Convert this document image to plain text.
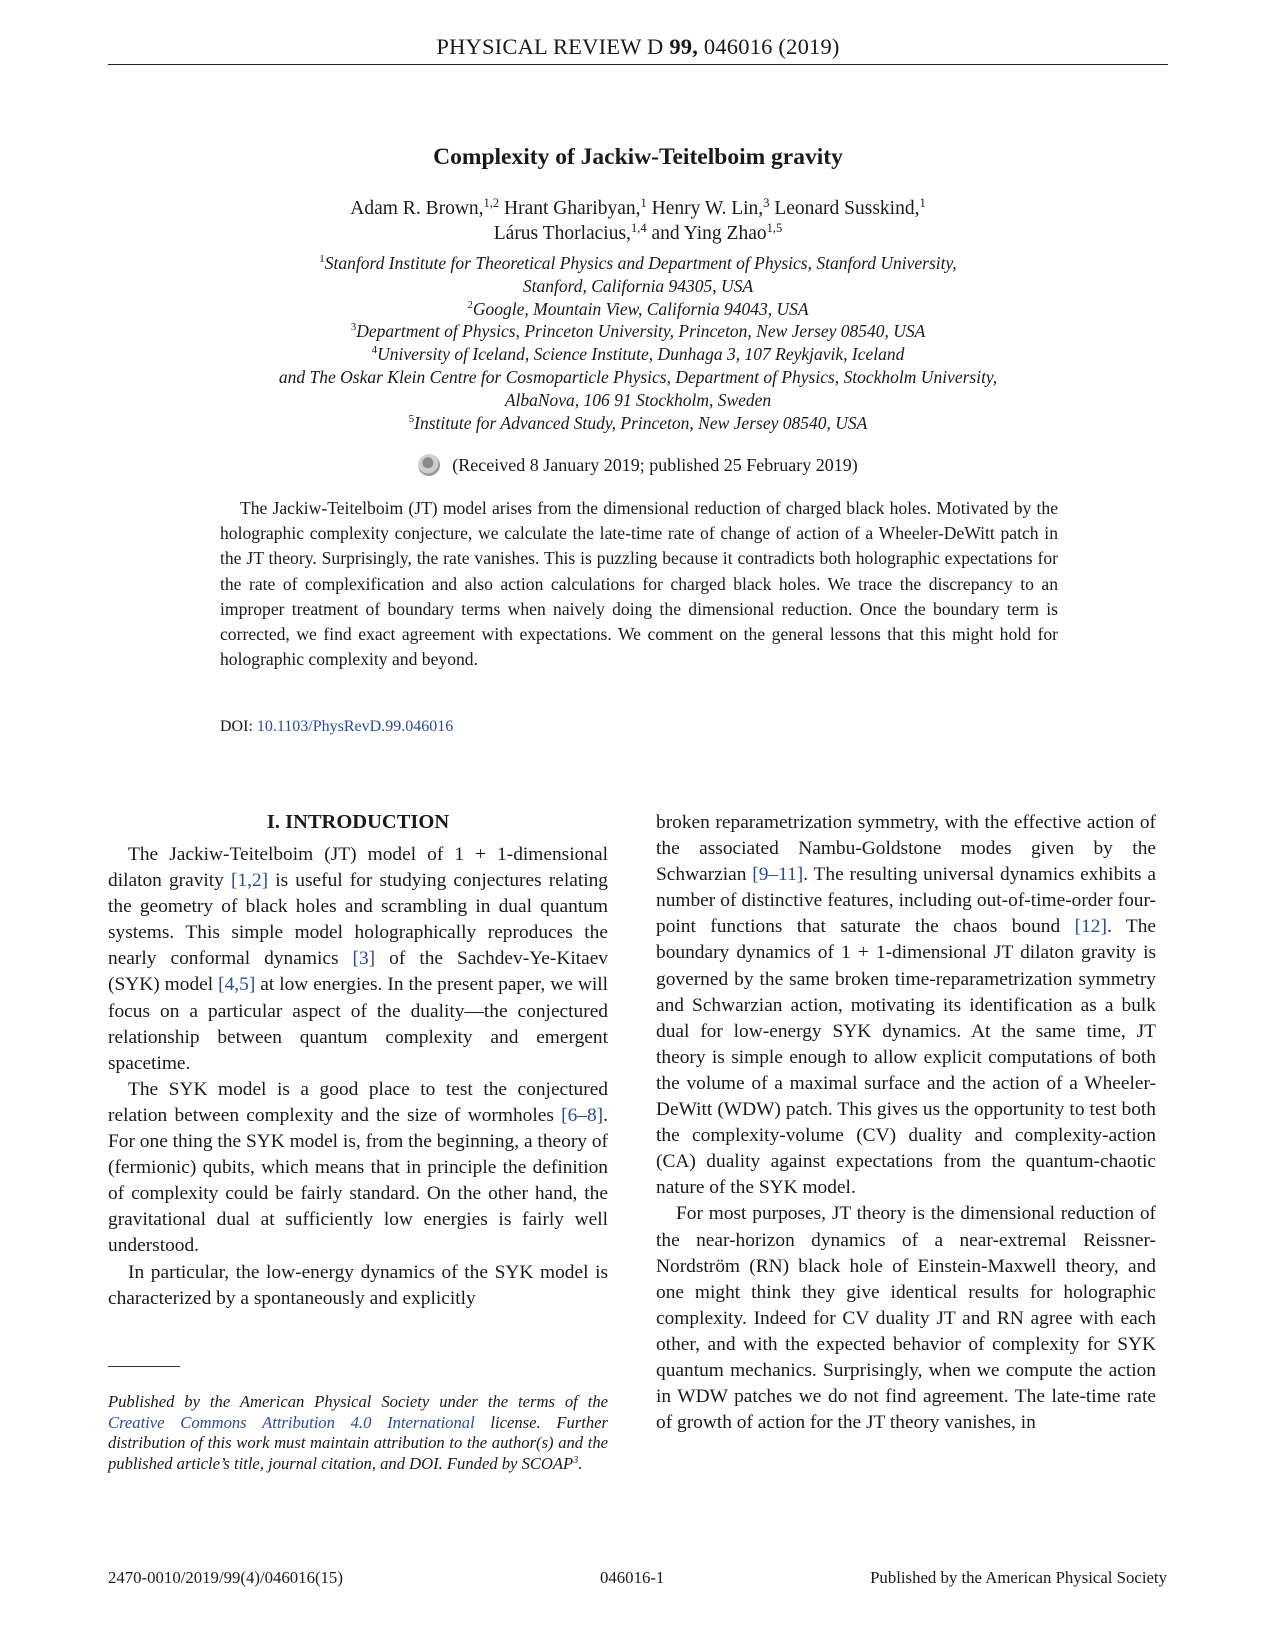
PHYSICAL REVIEW D 99, 046016 (2019)
Complexity of Jackiw-Teitelboim gravity
Adam R. Brown,$^{1,2}$ Hrant Gharibyan,$^1$ Henry W. Lin,$^3$ Leonard Susskind,$^1$
Lárus Thorlacius,$^{1,4}$ and Ying Zhao$^{1,5}$
$^1$Stanford Institute for Theoretical Physics and Department of Physics, Stanford University,
Stanford, California 94305, USA
$^2$Google, Mountain View, California 94043, USA
$^3$Department of Physics, Princeton University, Princeton, New Jersey 08540, USA
$^4$University of Iceland, Science Institute, Dunhaga 3, 107 Reykjavik, Iceland
and The Oskar Klein Centre for Cosmoparticle Physics, Department of Physics, Stockholm University,
AlbaNova, 106 91 Stockholm, Sweden
$^5$Institute for Advanced Study, Princeton, New Jersey 08540, USA
(Received 8 January 2019; published 25 February 2019)
The Jackiw-Teitelboim (JT) model arises from the dimensional reduction of charged black holes. Motivated by the holographic complexity conjecture, we calculate the late-time rate of change of action of a Wheeler-DeWitt patch in the JT theory. Surprisingly, the rate vanishes. This is puzzling because it contradicts both holographic expectations for the rate of complexification and also action calculations for charged black holes. We trace the discrepancy to an improper treatment of boundary terms when naively doing the dimensional reduction. Once the boundary term is corrected, we find exact agreement with expectations. We comment on the general lessons that this might hold for holographic complexity and beyond.
DOI: 10.1103/PhysRevD.99.046016
I. INTRODUCTION

The Jackiw-Teitelboim (JT) model of 1 + 1-dimensional dilaton gravity [1,2] is useful for studying conjectures relating the geometry of black holes and scrambling in dual quantum systems. This simple model holographically reproduces the nearly conformal dynamics [3] of the Sachdev-Ye-Kitaev (SYK) model [4,5] at low energies. In the present paper, we will focus on a particular aspect of the duality—the conjectured relationship between quantum complexity and emergent spacetime.

The SYK model is a good place to test the conjectured relation between complexity and the size of wormholes [6–8]. For one thing the SYK model is, from the beginning, a theory of (fermionic) qubits, which means that in principle the definition of complexity could be fairly standard. On the other hand, the gravitational dual at sufficiently low energies is fairly well understood.

In particular, the low-energy dynamics of the SYK model is characterized by a spontaneously and explicitly

broken reparametrization symmetry, with the effective action of the associated Nambu-Goldstone modes given by the Schwarzian [9–11]. The resulting universal dynamics exhibits a number of distinctive features, including out-of-time-order four-point functions that saturate the chaos bound [12]. The boundary dynamics of 1 + 1-dimensional JT dilaton gravity is governed by the same broken time-reparametrization symmetry and Schwarzian action, motivating its identification as a bulk dual for low-energy SYK dynamics. At the same time, JT theory is simple enough to allow explicit computations of both the volume of a maximal surface and the action of a Wheeler-DeWitt (WDW) patch. This gives us the opportunity to test both the complexity-volume (CV) duality and complexity-action (CA) duality against expectations from the quantum-chaotic nature of the SYK model.

For most purposes, JT theory is the dimensional reduction of the near-horizon dynamics of a near-extremal Reissner-Nordström (RN) black hole of Einstein-Maxwell theory, and one might think they give identical results for holographic complexity. Indeed for CV duality JT and RN agree with each other, and with the expected behavior of complexity for SYK quantum mechanics. Surprisingly, when we compute the action in WDW patches we do not find agreement. The late-time rate of growth of action for the JT theory vanishes, in

Published by the American Physical Society under the terms of the Creative Commons Attribution 4.0 International license. Further distribution of this work must maintain attribution to the author(s) and the published article’s title, journal citation, and DOI. Funded by SCOAP$^3$.
2470-0010/2019/99(4)/046016(15)	046016-1	Published by the American Physical Society
